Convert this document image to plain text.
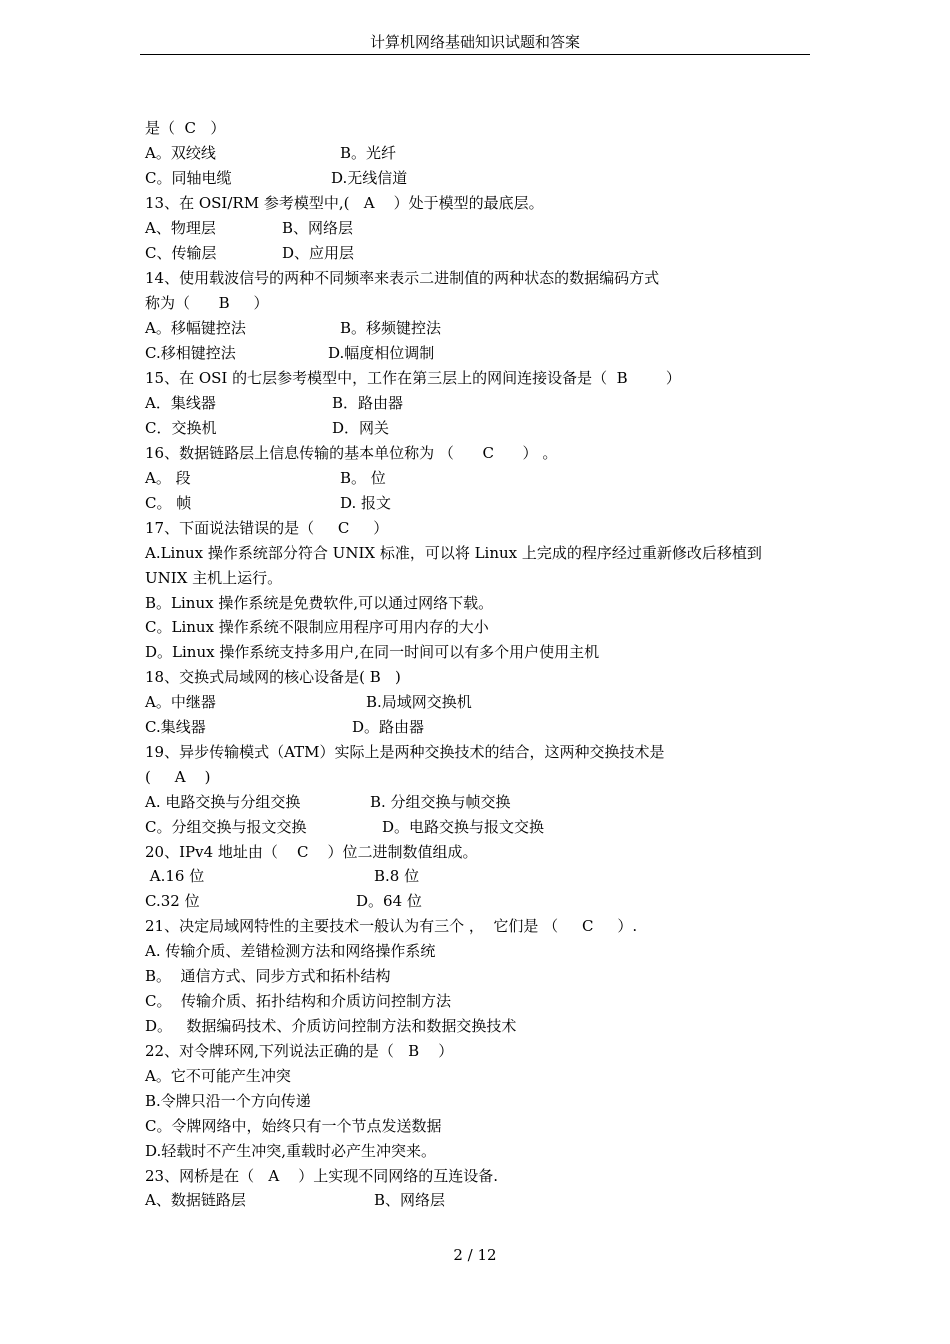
计算机网络基础知识试题和答案
是（  C   ）
A。双绞线	B。光纤
C。同轴电缆	D.无线信道
13、在 OSI/RM 参考模型中,(   A    ）处于模型的最底层。
A、物理层	B、网络层
C、传输层	D、应用层
14、使用载波信号的两种不同频率来表示二进制值的两种状态的数据编码方式
称为（      B     ）
A。移幅键控法	B。移频键控法
C.移相键控法	D.幅度相位调制
15、在 OSI 的七层参考模型中，工作在第三层上的网间连接设备是（  B        ）
A．集线器	B．路由器
C．交换机	D．网关
16、数据链路层上信息传输的基本单位称为 （      C      ） 。
A。 段	B。 位
C。 帧	D. 报文
17、下面说法错误的是（     C     ）
A.Linux 操作系统部分符合 UNIX 标准，可以将 Linux 上完成的程序经过重新修改后移植到
UNIX 主机上运行。
B。Linux 操作系统是免费软件,可以通过网络下载。
C。Linux 操作系统不限制应用程序可用内存的大小
D。Linux 操作系统支持多用户,在同一时间可以有多个用户使用主机
18、交换式局域网的核心设备是( B   )
A。中继器	B.局域网交换机
C.集线器	D。路由器
19、异步传输模式（ATM）实际上是两种交换技术的结合，这两种交换技术是
(     A    )
A. 电路交换与分组交换	B. 分组交换与帧交换
C。分组交换与报文交换	D。电路交换与报文交换
20、IPv4 地址由（    C    ）位二进制数值组成。
A.16 位	B.8 位
C.32 位	D。64 位
21、决定局域网特性的主要技术一般认为有三个 ，  它们是 （     C     ）.
A. 传输介质、差错检测方法和网络操作系统
B。  通信方式、同步方式和拓朴结构
C。  传输介质、拓扑结构和介质访问控制方法
D。   数据编码技术、介质访问控制方法和数据交换技术
22、对令牌环网,下列说法正确的是（   B    ）
A。它不可能产生冲突
B.令牌只沿一个方向传递
C。令牌网络中，始终只有一个节点发送数据
D.轻载时不产生冲突,重载时必产生冲突来。
23、网桥是在（   A    ）上实现不同网络的互连设备.
A、数据链路层	B、网络层
2 / 12
